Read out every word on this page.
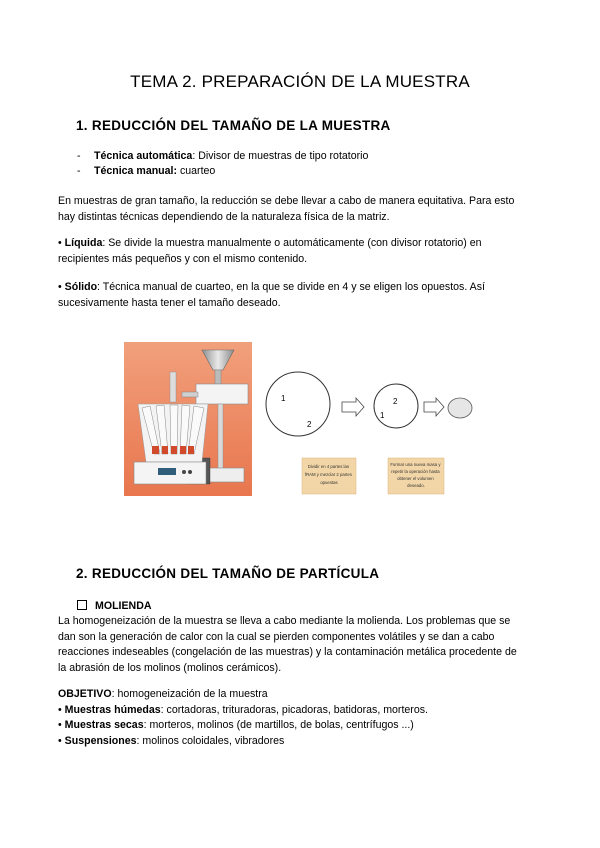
TEMA 2. PREPARACIÓN DE LA MUESTRA
1. REDUCCIÓN DEL TAMAÑO DE LA MUESTRA
- Técnica automática: Divisor de muestras de tipo rotatorio
- Técnica manual: cuarteo
En muestras de gran tamaño, la reducción se debe llevar a cabo de manera equitativa. Para esto
hay distintas técnicas dependiendo de la naturaleza física de la matriz.
• Líquida: Se divide la muestra manualmente o automáticamente (con divisor rotatorio) en
recipientes más pequeños y con el mismo contenido.
• Sólido: Técnica manual de cuarteo, en la que se divide en 4 y se eligen los opuestos. Así
sucesivamente hasta tener el tamaño deseado.
1
2
2
1
Dividir en 4 partes las fRAM y mezclar 2 partes opuestas
Formar una nueva masa y repetir la operación hasta obtener el volumen deseado.
2. REDUCCIÓN DEL TAMAÑO DE PARTÍCULA
MOLIENDA
La homogeneización de la muestra se lleva a cabo mediante la molienda. Los problemas que se
dan son la generación de calor con la cual se pierden componentes volátiles y se dan a cabo
reacciones indeseables (congelación de las muestras) y la contaminación metálica procedente de
la abrasión de los molinos (molinos cerámicos).
OBJETIVO: homogeneización de la muestra
• Muestras húmedas: cortadoras, trituradoras, picadoras, batidoras, morteros.
• Muestras secas: morteros, molinos (de martillos, de bolas, centrífugos ...)
• Suspensiones: molinos coloidales, vibradores
